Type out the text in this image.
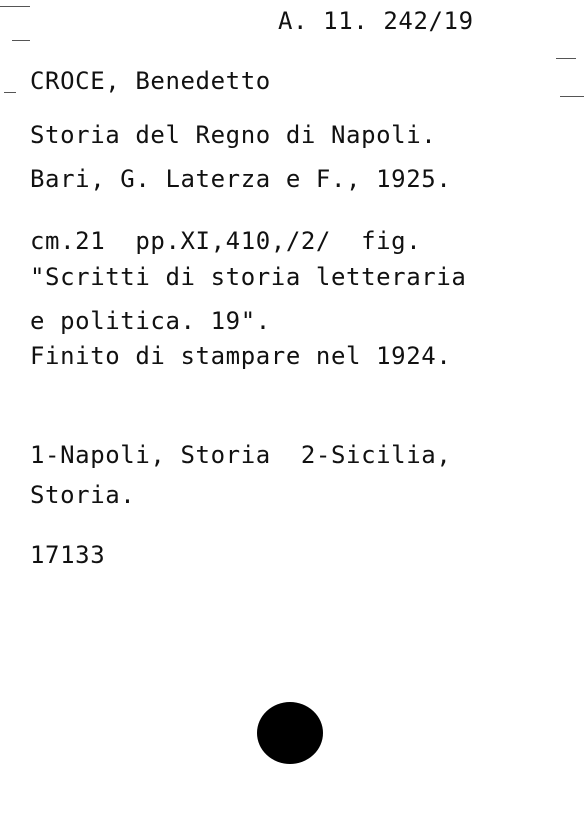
A. 11. 242/19
CROCE, Benedetto
Storia del Regno di Napoli.
Bari, G. Laterza e F., 1925.
cm.21  pp.XI,410,/2/  fig.
"Scritti di storia letteraria
e politica. 19".
Finito di stampare nel 1924.
1-Napoli, Storia  2-Sicilia,
Storia.
17133
